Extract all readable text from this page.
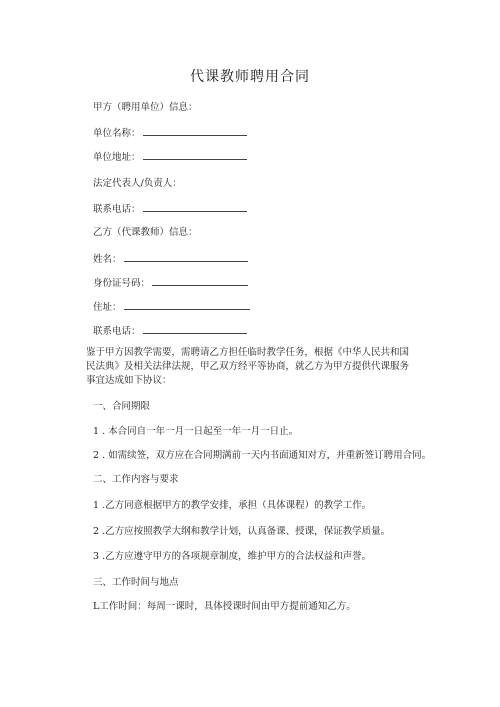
代课教师聘用合同
甲方（聘用单位）信息：
单位名称：
单位地址：
法定代表人/负责人：
联系电话：
乙方（代课教师）信息：
姓名：
身份证号码：
住址：
联系电话：
鉴于甲方因教学需要，需聘请乙方担任临时教学任务，根据《中华人民共和国民法典》及相关法律法规，甲乙双方经平等协商，就乙方为甲方提供代课服务事宜达成如下协议：
一、合同期限
1 . 本合同自一年一月一日起至一年一月一日止。
2 . 如需续签，双方应在合同期满前一天内书面通知对方，并重新签订聘用合同。
二、工作内容与要求
1 .乙方同意根据甲方的教学安排，承担（具体课程）的教学工作。
2 .乙方应按照教学大纲和教学计划，认真备课、授课，保证教学质量。
3 .乙方应遵守甲方的各项规章制度，维护甲方的合法权益和声誉。
三、工作时间与地点
L工作时间：每周一课时，具体授课时间由甲方提前通知乙方。
